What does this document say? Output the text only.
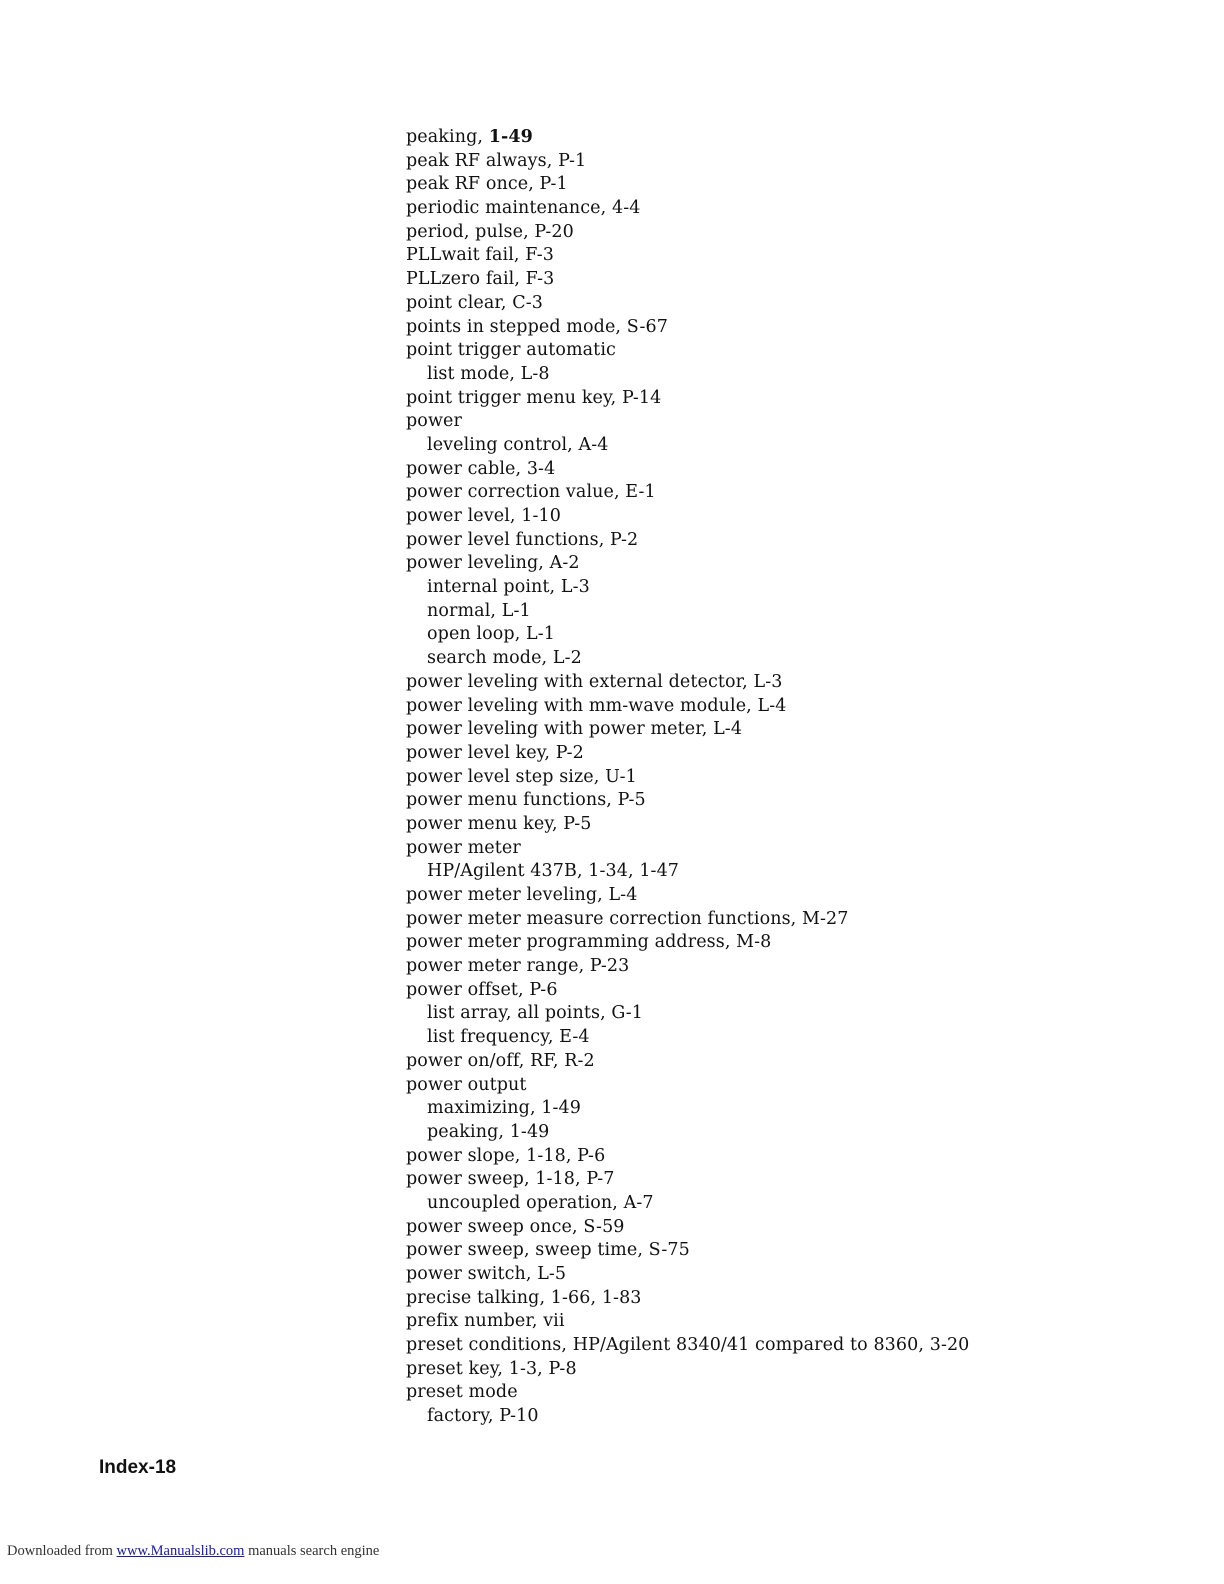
peaking, 1-49
peak RF always, P-1
peak RF once, P-1
periodic maintenance, 4-4
period, pulse, P-20
PLLwait fail, F-3
PLLzero fail, F-3
point clear, C-3
points in stepped mode, S-67
point trigger automatic
list mode, L-8
point trigger menu key, P-14
power
leveling control, A-4
power cable, 3-4
power correction value, E-1
power level, 1-10
power level functions, P-2
power leveling, A-2
internal point, L-3
normal, L-1
open loop, L-1
search mode, L-2
power leveling with external detector, L-3
power leveling with mm-wave module, L-4
power leveling with power meter, L-4
power level key, P-2
power level step size, U-1
power menu functions, P-5
power menu key, P-5
power meter
HP/Agilent 437B, 1-34, 1-47
power meter leveling, L-4
power meter measure correction functions, M-27
power meter programming address, M-8
power meter range, P-23
power offset, P-6
list array, all points, G-1
list frequency, E-4
power on/off, RF, R-2
power output
maximizing, 1-49
peaking, 1-49
power slope, 1-18, P-6
power sweep, 1-18, P-7
uncoupled operation, A-7
power sweep once, S-59
power sweep, sweep time, S-75
power switch, L-5
precise talking, 1-66, 1-83
prefix number, vii
preset conditions, HP/Agilent 8340/41 compared to 8360, 3-20
preset key, 1-3, P-8
preset mode
factory, P-10
Index-18
Downloaded from www.Manualslib.com manuals search engine
